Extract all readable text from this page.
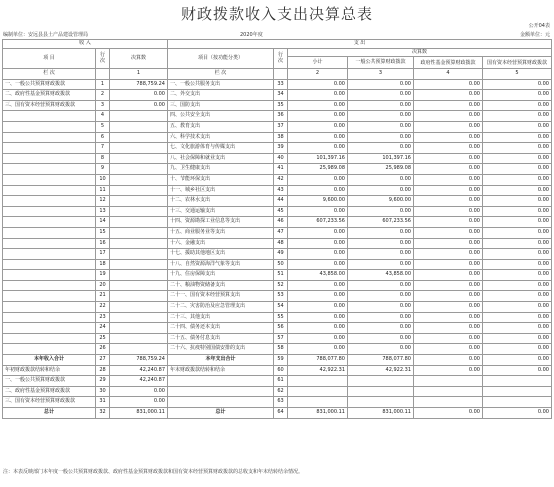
财政拨款收入支出决算总表
公开04表
编制单位：安远县县土产品建设管理局	2020年度	金额单位：元
收 入			支 出					
项 目	行次	决算数	项目（按功能分类）	行次	决算数			
					小计	一般公共预算财政拨款	政府性基金预算财政拨款	国有资本经营预算财政拨款

栏 次		1	栏 次		2	3	4	5
一、一般公共预算财政拨款	1	788,759.24	一、一般公共服务支出	33	0.00	0.00	0.00	0.00
二、政府性基金预算财政拨款	2	0.00	二、外交支出	34	0.00	0.00	0.00	0.00
三、国有资本经营预算财政拨款	3	0.00	三、国防支出	35	0.00	0.00	0.00	0.00
	4		四、公共安全支出	36	0.00	0.00	0.00	0.00
	5		五、教育支出	37	0.00	0.00	0.00	0.00
	6		六、科学技术支出	38	0.00	0.00	0.00	0.00
	7		七、文化旅游体育与传媒支出	39	0.00	0.00	0.00	0.00
	8		八、社会保障和就业支出	40	101,397.16	101,397.16	0.00	0.00
	9		九、卫生健康支出	41	25,989.08	25,989.08	0.00	0.00
	10		十、节能环保支出	42	0.00	0.00	0.00	0.00
	11		十一、城乡社区支出	43	0.00	0.00	0.00	0.00
	12		十二、农林水支出	44	9,600.00	9,600.00	0.00	0.00
	13		十三、交通运输支出	45	0.00	0.00	0.00	0.00
	14		十四、资源勘探工业信息等支出	46	607,233.56	607,233.56	0.00	0.00
	15		十五、商业服务业等支出	47	0.00	0.00	0.00	0.00
	16		十六、金融支出	48	0.00	0.00	0.00	0.00
	17		十七、援助其他地区支出	49	0.00	0.00	0.00	0.00
	18		十八、自然资源海洋气象等支出	50	0.00	0.00	0.00	0.00
	19		十九、住房保障支出	51	43,858.00	43,858.00	0.00	0.00
	20		二十、粮油物资储备支出	52	0.00	0.00	0.00	0.00
	21		二十一、国有资本经营预算支出	53	0.00	0.00	0.00	0.00
	22		二十二、灾害防治及应急管理支出	54	0.00	0.00	0.00	0.00
	23		二十三、其他支出	55	0.00	0.00	0.00	0.00
	24		二十四、债务还本支出	56	0.00	0.00	0.00	0.00
	25		二十五、债务付息支出	57	0.00	0.00	0.00	0.00
	26		二十六、抗疫特别国债安排的支出	58	0.00	0.00	0.00	0.00
本年收入合计	27	788,759.24	本年支出合计	59	788,077.80	788,077.80	0.00	0.00
年初财政拨款结转和结余	28	42,240.87	年末财政拨款结转和结余	60	42,922.31	42,922.31	0.00	0.00
一、一般公共预算财政拨款	29	42,240.87		61				
二、政府性基金预算财政拨款	30	0.00		62				
三、国有资本经营预算财政拨款	31	0.00		63				
总计	32	831,000.11	总计	64	831,000.11	831,000.11	0.00	0.00
注：本表反映部门本年度一般公共预算财政拨款、政府性基金预算财政拨款和国有资本经营预算财政拨款的总收支和年末结转结余情况。
